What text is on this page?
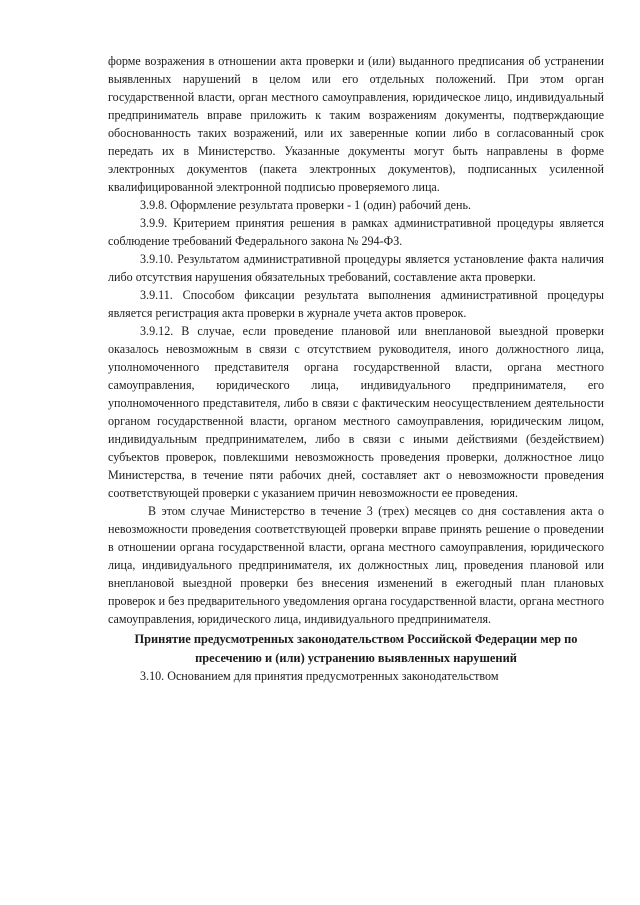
форме возражения в отношении акта проверки и (или) выданного предписания об устранении выявленных нарушений в целом или его отдельных положений. При этом орган государственной власти, орган местного самоуправления, юридическое лицо, индивидуальный предприниматель вправе приложить к таким возражениям документы, подтверждающие обоснованность таких возражений, или их заверенные копии либо в согласованный срок передать их в Министерство. Указанные документы могут быть направлены в форме электронных документов (пакета электронных документов), подписанных усиленной квалифицированной электронной подписью проверяемого лица.

3.9.8. Оформление результата проверки - 1 (один) рабочий день.

3.9.9. Критерием принятия решения в рамках административной процедуры является соблюдение требований Федерального закона № 294-ФЗ.

3.9.10. Результатом административной процедуры является установление факта наличия либо отсутствия нарушения обязательных требований, составление акта проверки.

3.9.11. Способом фиксации результата выполнения административной процедуры является регистрация акта проверки в журнале учета актов проверок.

3.9.12. В случае, если проведение плановой или внеплановой выездной проверки оказалось невозможным в связи с отсутствием руководителя, иного должностного лица, уполномоченного представителя органа государственной власти, органа местного самоуправления, юридического лица, индивидуального предпринимателя, его уполномоченного представителя, либо в связи с фактическим неосуществлением деятельности органом государственной власти, органом местного самоуправления, юридическим лицом, индивидуальным предпринимателем, либо в связи с иными действиями (бездействием) субъектов проверок, повлекшими невозможность проведения проверки, должностное лицо Министерства, в течение пяти рабочих дней, составляет акт о невозможности проведения соответствующей проверки с указанием причин невозможности ее проведения.

В этом случае Министерство в течение 3 (трех) месяцев со дня составления акта о невозможности проведения соответствующей проверки вправе принять решение о проведении в отношении органа государственной власти, органа местного самоуправления, юридического лица, индивидуального предпринимателя, их должностных лиц, проведения плановой или внеплановой выездной проверки без внесения изменений в ежегодный план плановых проверок и без предварительного уведомления органа государственной власти, органа местного самоуправления, юридического лица, индивидуального предпринимателя.

Принятие предусмотренных законодательством Российской Федерации мер по пресечению и (или) устранению выявленных нарушений

3.10. Основанием для принятия предусмотренных законодательством
